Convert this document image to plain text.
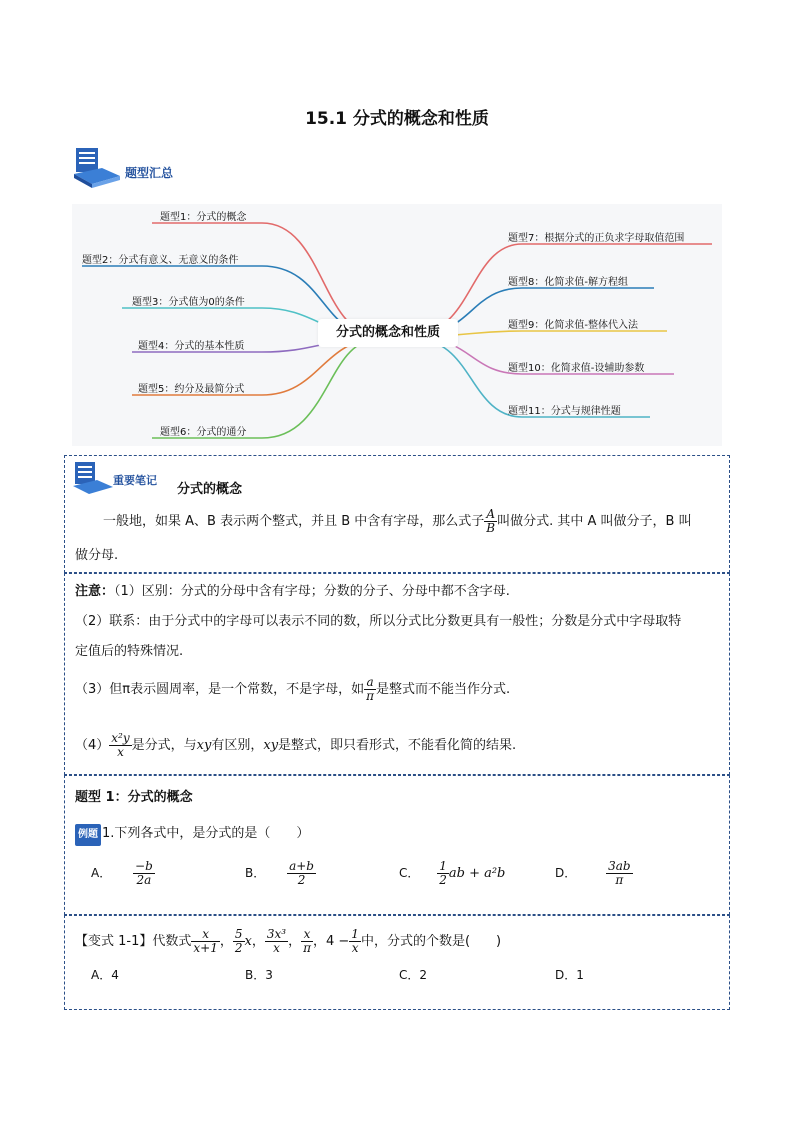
15.1 分式的概念和性质
题型汇总
题型1：分式的概念
题型2：分式有意义、无意义的条件
题型3：分式值为0的条件
题型4：分式的基本性质
题型5：约分及最简分式
题型6：分式的通分
题型7：根据分式的正负求字母取值范围
题型8：化简求值-解方程组
题型9：化简求值-整体代入法
题型10：化简求值-设辅助参数
题型11：分式与规律性题
分式的概念和性质
重要笔记
分式的概念
一般地，如果 A、B 表示两个整式，并且 B 中含有字母，那么式子 $\frac{A}{B}$ 叫做分式. 其中 A 叫做分子，B 叫
做分母.
注意：（1）区别：分式的分母中含有字母；分数的分子、分母中都不含字母.
（2）联系：由于分式中的字母可以表示不同的数，所以分式比分数更具有一般性；分数是分式中字母取特
定值后的特殊情况.
（3）但π表示圆周率，是一个常数，不是字母，如 $\frac{a}{\pi}$ 是整式而不能当作分式.
$(4) \frac{\text{x²y}}{x}$ 是分式，与xy有区别，xy是整式，即只看形式，不能看化简的结果.
题型 1：分式的概念
例题 1.下列各式中，是分式的是（　　）
A． $\frac{-b}{2a}$	B． $\frac{a+b}{2}$	C． $\frac{1}{2}$ ab + a²b	D． $\frac{3ab}{\pi}$
【变式 1-1】代数式 $\frac{x}{x+1}$ ， $\frac{5}{2}$ x， $\frac{\text{3x³}}{x}$ ， $\frac{x}{\pi}$ ，$4 - \frac{1}{x}$ 中，分式的个数是(　　)
A．4	B．3	C．2	D．1
